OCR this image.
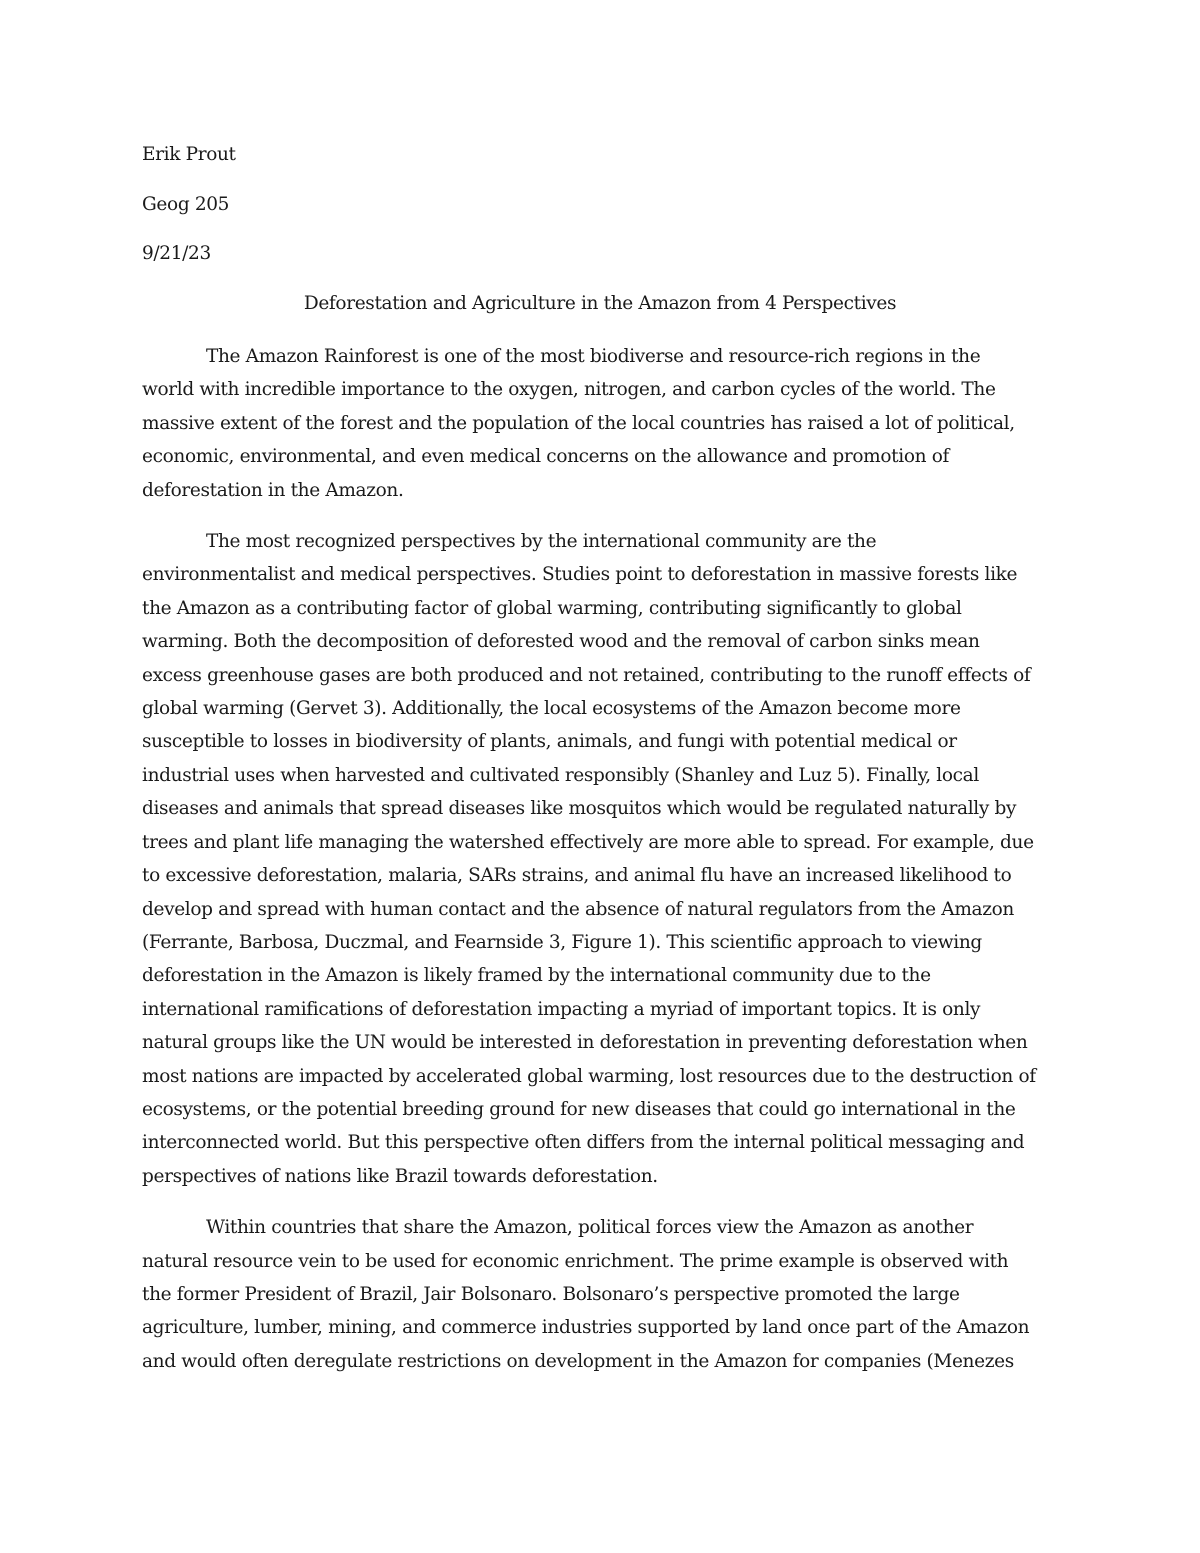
Erik Prout

Geog 205

9/21/23

Deforestation and Agriculture in the Amazon from 4 Perspectives
The Amazon Rainforest is one of the most biodiverse and resource-rich regions in the
world with incredible importance to the oxygen, nitrogen, and carbon cycles of the world. The
massive extent of the forest and the population of the local countries has raised a lot of political,
economic, environmental, and even medical concerns on the allowance and promotion of
deforestation in the Amazon.
The most recognized perspectives by the international community are the
environmentalist and medical perspectives. Studies point to deforestation in massive forests like
the Amazon as a contributing factor of global warming, contributing significantly to global
warming. Both the decomposition of deforested wood and the removal of carbon sinks mean
excess greenhouse gases are both produced and not retained, contributing to the runoff effects of
global warming (Gervet 3). Additionally, the local ecosystems of the Amazon become more
susceptible to losses in biodiversity of plants, animals, and fungi with potential medical or
industrial uses when harvested and cultivated responsibly (Shanley and Luz 5). Finally, local
diseases and animals that spread diseases like mosquitos which would be regulated naturally by
trees and plant life managing the watershed effectively are more able to spread. For example, due
to excessive deforestation, malaria, SARs strains, and animal flu have an increased likelihood to
develop and spread with human contact and the absence of natural regulators from the Amazon
(Ferrante, Barbosa, Duczmal, and Fearnside 3, Figure 1). This scientific approach to viewing
deforestation in the Amazon is likely framed by the international community due to the
international ramifications of deforestation impacting a myriad of important topics. It is only
natural groups like the UN would be interested in deforestation in preventing deforestation when
most nations are impacted by accelerated global warming, lost resources due to the destruction of
ecosystems, or the potential breeding ground for new diseases that could go international in the
interconnected world. But this perspective often differs from the internal political messaging and
perspectives of nations like Brazil towards deforestation.
Within countries that share the Amazon, political forces view the Amazon as another
natural resource vein to be used for economic enrichment. The prime example is observed with
the former President of Brazil, Jair Bolsonaro. Bolsonaro’s perspective promoted the large
agriculture, lumber, mining, and commerce industries supported by land once part of the Amazon
and would often deregulate restrictions on development in the Amazon for companies (Menezes
